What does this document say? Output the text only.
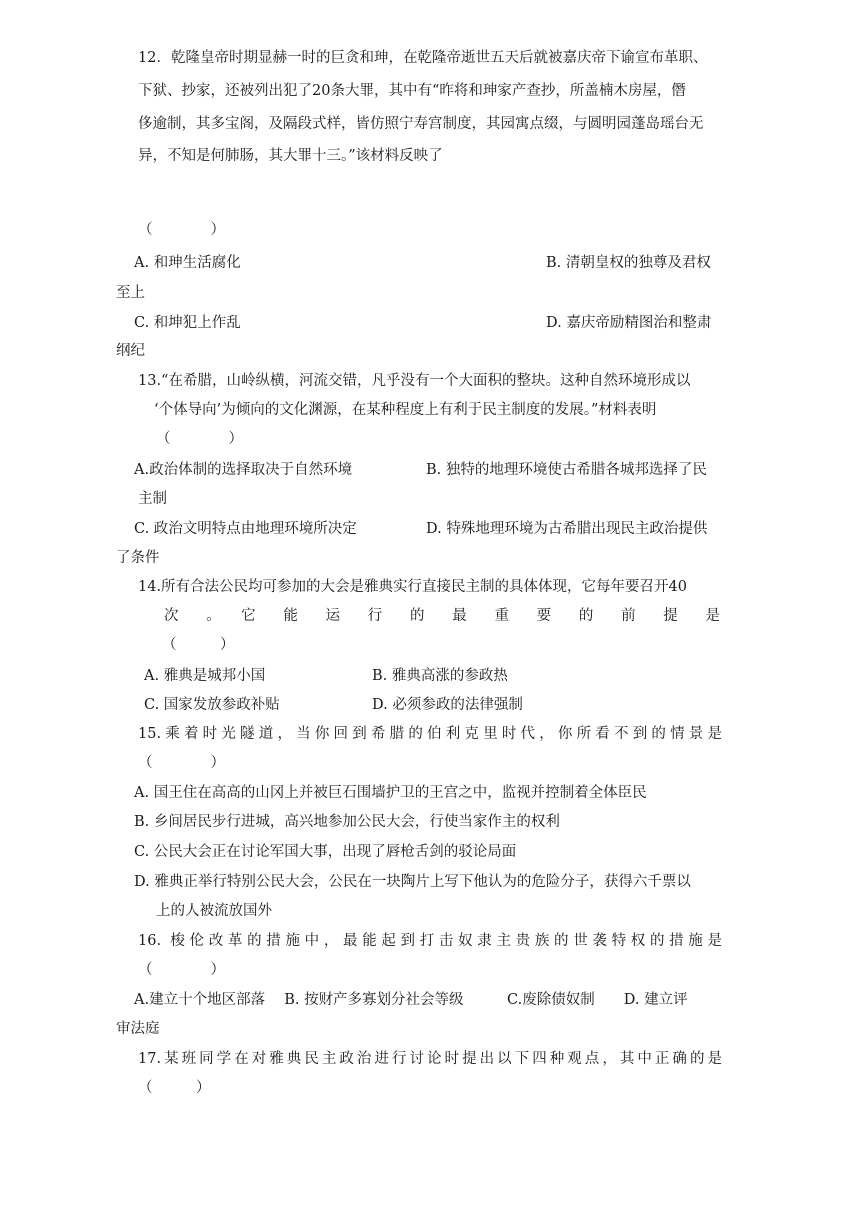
12．乾隆皇帝时期显赫一时的巨贪和珅，在乾隆帝逝世五天后就被嘉庆帝下谕宣布革职、
下狱、抄家，还被列出犯了20条大罪，其中有“昨将和珅家产查抄，所盖楠木房屋，僭
侈逾制，其多宝阁，及隔段式样，皆仿照宁寿宫制度，其园寓点缀，与圆明园蓬岛瑶台无
异，不知是何肺肠，其大罪十三。”该材料反映了
（　　　　）
A. 和珅生活腐化	B. 清朝皇权的独尊及君权
至上
C. 和坤犯上作乱	D. 嘉庆帝励精图治和整肃
纲纪
13.“在希腊，山岭纵横，河流交错，凡乎没有一个大面积的整块。这种自然环境形成以
‘个体导向’为倾向的文化渊源，在某种程度上有利于民主制度的发展。”材料表明
（　　　　）
A.政治体制的选择取决于自然环境	B. 独特的地理环境使古希腊各城邦选择了民
主制
C. 政治文明特点由地理环境所决定	D. 特殊地理环境为古希腊出现民主政治提供
了条件
14.所有合法公民均可参加的大会是雅典实行直接民主制的具体体现，它每年要召开40
次　。　它　能　运　行　的　最　重　要　的　前　提　是
（　　　）
A. 雅典是城邦小国	B. 雅典高涨的参政热
C. 国家发放参政补贴	D. 必须参政的法律强制
15.乘着时光隧道，当你回到希腊的伯利克里时代，你所看不到的情景是
（　　　　）
A. 国王住在高高的山冈上并被巨石围墙护卫的王宫之中，监视并控制着全体臣民
B. 乡间居民步行进城，高兴地参加公民大会，行使当家作主的权利
C. 公民大会正在讨论军国大事，出现了唇枪舌剑的驳论局面
D. 雅典正举行特别公民大会，公民在一块陶片上写下他认为的危险分子，获得六千票以
上的人被流放国外
16. 梭伦改革的措施中，最能起到打击奴隶主贵族的世袭特权的措施是
（　　　　）
A.建立十个地区部落　 B. 按财产多寡划分社会等级　　　C.废除债奴制　　D. 建立评
审法庭
17.某班同学在对雅典民主政治进行讨论时提出以下四种观点，其中正确的是
（　　　）
